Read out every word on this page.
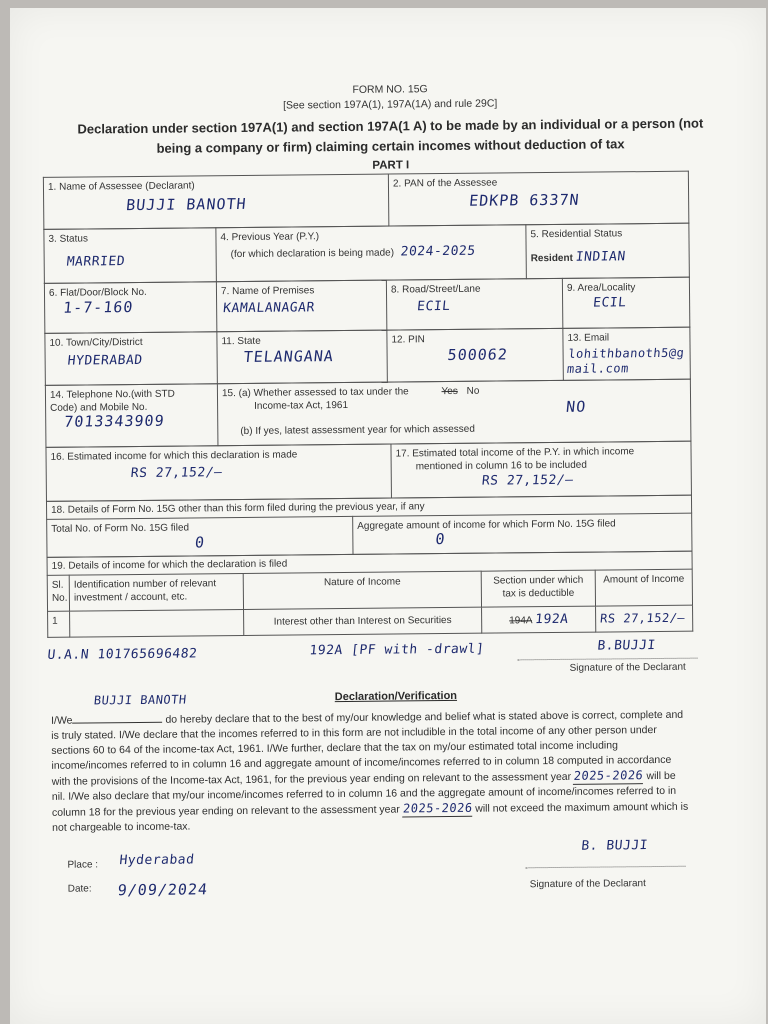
FORM NO. 15G
[See section 197A(1), 197A(1A) and rule 29C]
Declaration under section 197A(1) and section 197A(1 A) to be made by an individual or a person (not
being a company or firm) claiming certain incomes without deduction of tax
PART I
1. Name of Assessee (Declarant)
BUJJI BANOTH	
2. PAN of the Assessee
EDKPB 6337N
3. Status
MARRIED	
4. Previous Year (P.Y.)
(for which declaration is being made) 2024-2025

5. Residential Status
Resident INDIAN
6. Flat/Door/Block No.
1-7-160	
7. Name of Premises
KAMALANAGAR	
8. Road/Street/Lane
ECIL	
9. Area/Locality
ECIL
10. Town/City/District
HYDERABAD	
11. State
TELANGANA	
12. PIN
500062	
13. Email
lohithbanoth5@gmail.com
14. Telephone No.(with STD
Code) and Mobile No.
7013343909	
15. (a) Whether assessed to tax under the	Yes No
Income-tax Act, 1961	NO
(b) If yes, latest assessment year for which assessed
16. Estimated income for which this declaration is made
RS 27,152/—	
17. Estimated total income of the P.Y. in which income
mentioned in column 16 to be included
RS 27,152/—
18. Details of Form No. 15G other than this form filed during the previous year, if any

Total No. of Form No. 15G filed
0

Aggregate amount of income for which Form No. 15G filed
0
19. Details of income for which the declaration is filed				
Sl. No.	Identification number of relevant investment / account, etc.	Nature of Income	Section under which tax is deductible	Amount of Income
1		Interest other than Interest on Securities	194A 192A	RS 27,152/—
U.A.N 101765696482	192A [PF with -drawl]	B.BUJJI
Signature of the Declarant
BUJJI BANOTH	Declaration/Verification
I/We	do hereby declare that to the best of my/our knowledge and belief what is stated above is correct, complete and is truly stated. I/We declare that the incomes referred to in this form are not includible in the total income of any other person under sections 60 to 64 of the income-tax Act, 1961. I/We further, declare that the tax on my/our estimated total income including income/incomes referred to in column 16 and aggregate amount of income/incomes referred to in column 18 computed in accordance with the provisions of the Income-tax Act, 1961, for the previous year ending on relevant to the assessment year 2025-2026 will be nil. I/We also declare that my/our income/incomes referred to in column 16 and the aggregate amount of income/incomes referred to in column 18 for the previous year ending on relevant to the assessment year 2025-2026 will not exceed the maximum amount which is not chargeable to income-tax.
Place : Hyderabad
Date: 9/09/2024
B. BUJJI
Signature of the Declarant
